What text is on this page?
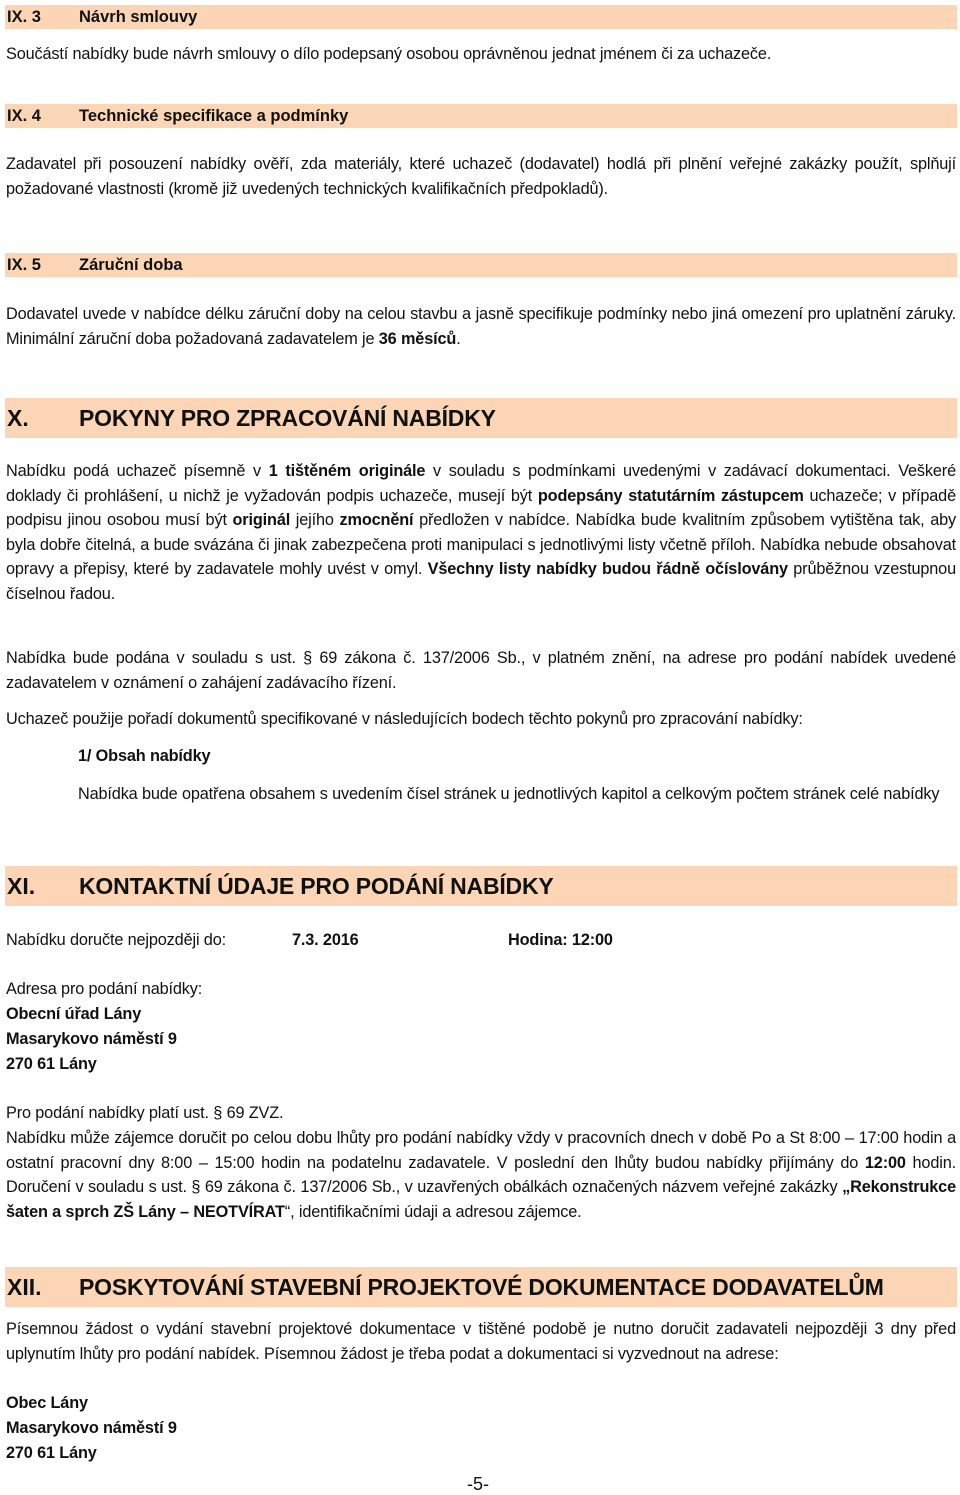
IX. 3 Návrh smlouvy

Součástí nabídky bude návrh smlouvy o dílo podepsaný osobou oprávněnou jednat jménem či za uchazeče.

IX. 4 Technické specifikace a podmínky

Zadavatel při posouzení nabídky ověří, zda materiály, které uchazeč (dodavatel) hodlá při plnění veřejné zakázky použít, splňují požadované vlastnosti (kromě již uvedených technických kvalifikačních předpokladů).

IX. 5 Záruční doba

Dodavatel uvede v nabídce délku záruční doby na celou stavbu a jasně specifikuje podmínky nebo jiná omezení pro uplatnění záruky. Minimální záruční doba požadovaná zadavatelem je 36 měsíců.

X. POKYNY PRO ZPRACOVÁNÍ NABÍDKY

Nabídku podá uchazeč písemně v 1 tištěném originále v souladu s podmínkami uvedenými v zadávací dokumentaci. Veškeré doklady či prohlášení, u nichž je vyžadován podpis uchazeče, musejí být podepsány statutárním zástupcem uchazeče; v případě podpisu jinou osobou musí být originál jejího zmocnění předložen v nabídce. Nabídka bude kvalitním způsobem vytištěna tak, aby byla dobře čitelná, a bude svázána či jinak zabezpečena proti manipulaci s jednotlivými listy včetně příloh. Nabídka nebude obsahovat opravy a přepisy, které by zadavatele mohly uvést v omyl. Všechny listy nabídky budou řádně očíslovány průběžnou vzestupnou číselnou řadou.

Nabídka bude podána v souladu s ust. § 69 zákona č. 137/2006 Sb., v platném znění, na adrese pro podání nabídek uvedené zadavatelem v oznámení o zahájení zadávacího řízení.

Uchazeč použije pořadí dokumentů specifikované v následujících bodech těchto pokynů pro zpracování nabídky:

1/ Obsah nabídky

Nabídka bude opatřena obsahem s uvedením čísel stránek u jednotlivých kapitol a celkovým počtem stránek celé nabídky

XI. KONTAKTNÍ ÚDAJE PRO PODÁNÍ NABÍDKY

Nabídku doručte nejpozději do:	7.3. 2016	Hodina: 12:00

Adresa pro podání nabídky:

Obecní úřad Lány

Masarykovo náměstí 9

270 61 Lány

Pro podání nabídky platí ust. § 69 ZVZ.

Nabídku může zájemce doručit po celou dobu lhůty pro podání nabídky vždy v pracovních dnech v době Po a St 8:00 – 17:00 hodin a ostatní pracovní dny 8:00 – 15:00 hodin na podatelnu zadavatele. V poslední den lhůty budou nabídky přijímány do 12:00 hodin. Doručení v souladu s ust. § 69 zákona č. 137/2006 Sb., v uzavřených obálkách označených názvem veřejné zakázky „Rekonstrukce šaten a sprch ZŠ Lány – NEOTVÍRAT“, identifikačními údaji a adresou zájemce.

XII. POSKYTOVÁNÍ STAVEBNÍ PROJEKTOVÉ DOKUMENTACE DODAVATELŮM

Písemnou žádost o vydání stavební projektové dokumentace v tištěné podobě je nutno doručit zadavateli nejpozději 3 dny před uplynutím lhůty pro podání nabídek. Písemnou žádost je třeba podat a dokumentaci si vyzvednout na adrese:

Obec Lány

Masarykovo náměstí 9

270 61 Lány

-5-
